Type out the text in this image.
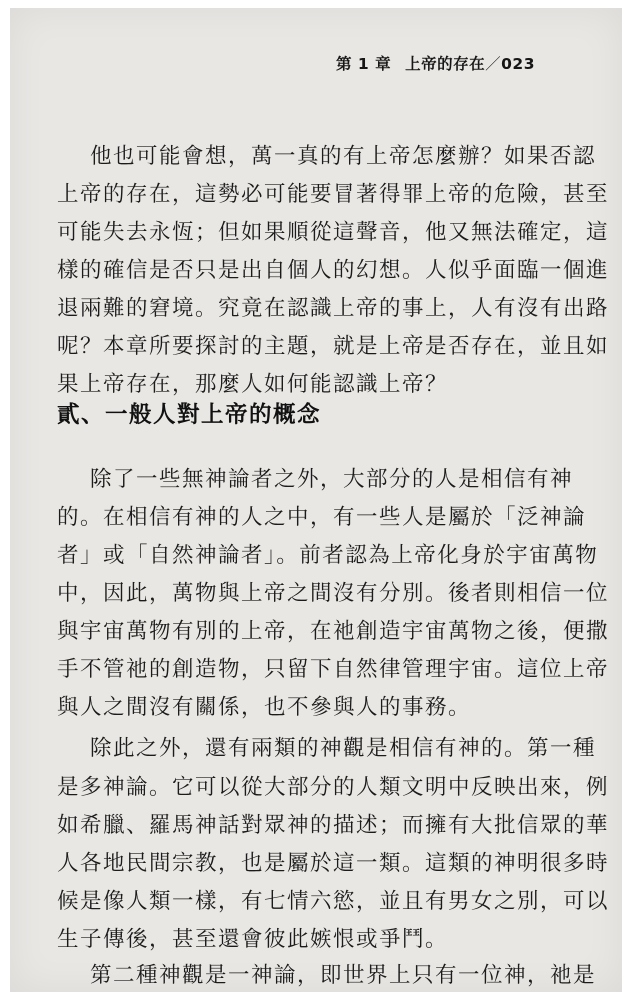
第 1 章 上帝的存在／023
他也可能會想，萬一真的有上帝怎麼辦？如果否認
上帝的存在，這勢必可能要冒著得罪上帝的危險，甚至
可能失去永恆；但如果順從這聲音，他又無法確定，這
樣的確信是否只是出自個人的幻想。人似乎面臨一個進
退兩難的窘境。究竟在認識上帝的事上，人有沒有出路
呢？本章所要探討的主題，就是上帝是否存在，並且如
果上帝存在，那麼人如何能認識上帝？
貳、一般人對上帝的概念
除了一些無神論者之外，大部分的人是相信有神
的。在相信有神的人之中，有一些人是屬於「泛神論
者」或「自然神論者」。前者認為上帝化身於宇宙萬物
中，因此，萬物與上帝之間沒有分別。後者則相信一位
與宇宙萬物有別的上帝，在祂創造宇宙萬物之後，便撒
手不管祂的創造物，只留下自然律管理宇宙。這位上帝
與人之間沒有關係，也不參與人的事務。
除此之外，還有兩類的神觀是相信有神的。第一種
是多神論。它可以從大部分的人類文明中反映出來，例
如希臘、羅馬神話對眾神的描述；而擁有大批信眾的華
人各地民間宗教，也是屬於這一類。這類的神明很多時
候是像人類一樣，有七情六慾，並且有男女之別，可以
生子傳後，甚至還會彼此嫉恨或爭鬥。
第二種神觀是一神論，即世界上只有一位神，祂是
